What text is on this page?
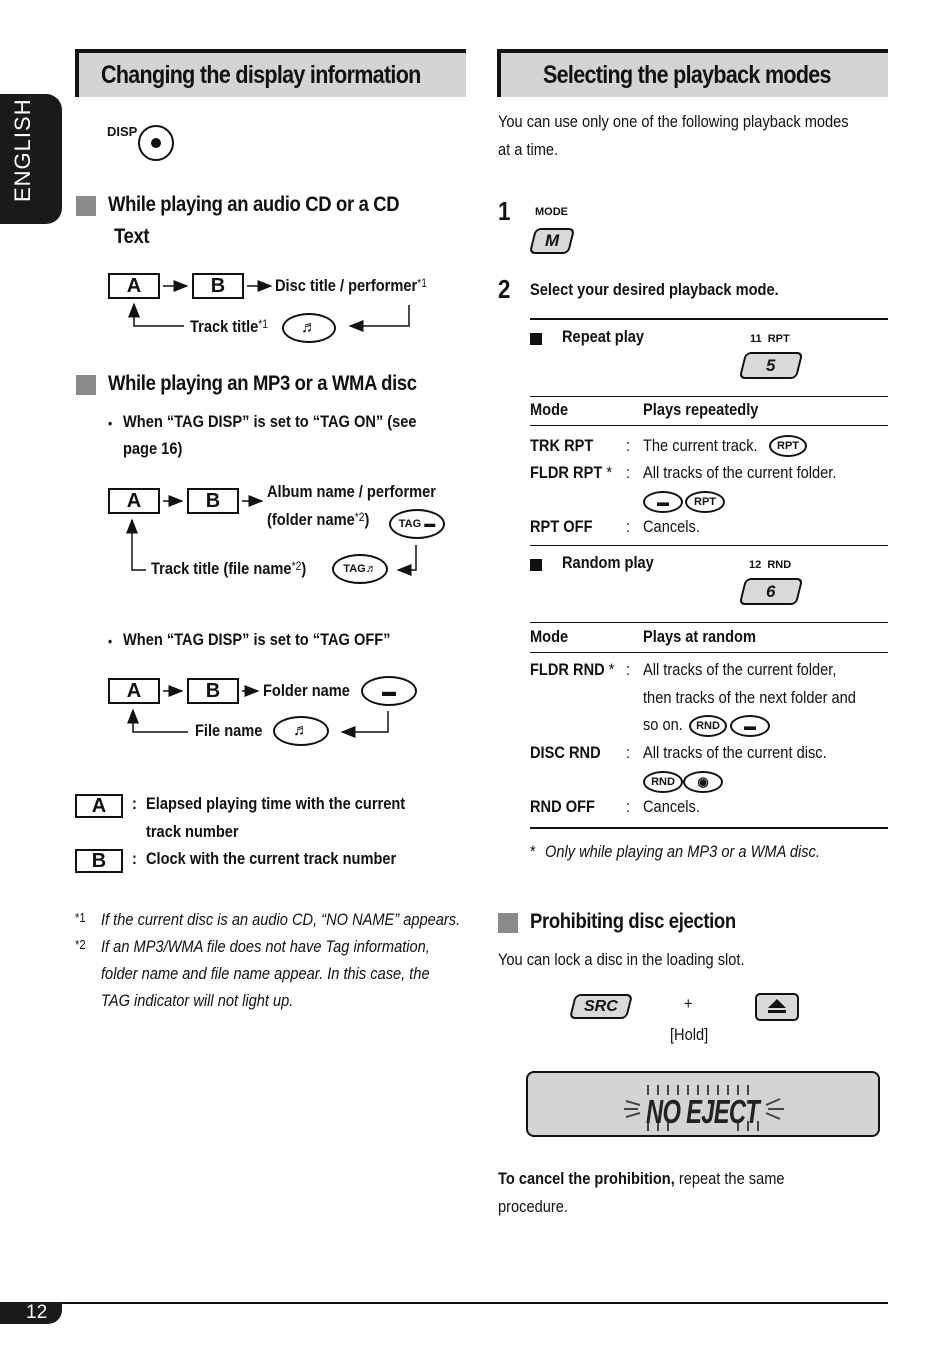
ENGLISH
Changing the display information
DISP
While playing an audio CD or a CD
Text
A	B	Disc title / performer$^{*1}$
Track title$^{*1}$	♬
While playing an MP3 or a WMA disc
• When “TAG DISP” is set to “TAG ON” (see
page 16)
A	B	Album name / performer
(folder name$^{*2}$)	TAG ▬
Track title (file name$^{*2}$)	TAG♬
• When “TAG DISP” is set to “TAG OFF”
A	B	Folder name	▬
File name	♬
A	: Elapsed playing time with the current
track number
B	: Clock with the current track number
*1 If the current disc is an audio CD, “NO NAME” appears.
*2 If an MP3/WMA file does not have Tag information,
folder name and file name appear. In this case, the
TAG indicator will not light up.
Selecting the playback modes
You can use only one of the following playback modes
at a time.
1 MODE
M
2 Select your desired playback mode.
Repeat play	11  RPT
5
Mode	Plays repeatedly
TRK RPT : The current track.	RPT
FLDR RPT * : All tracks of the current folder.
▬	RPT
RPT OFF : Cancels.
Random play	12  RND
6
Mode	Plays at random
FLDR RND * : All tracks of the current folder,
then tracks of the next folder and
so on.	RND	▬
DISC RND : All tracks of the current disc.
RND	◉
RND OFF : Cancels.
* Only while playing an MP3 or a WMA disc.
Prohibiting disc ejection
You can lock a disc in the loading slot.
SRC	+
[Hold]
NO EJECT
To cancel the prohibition, repeat the same
procedure.
12
